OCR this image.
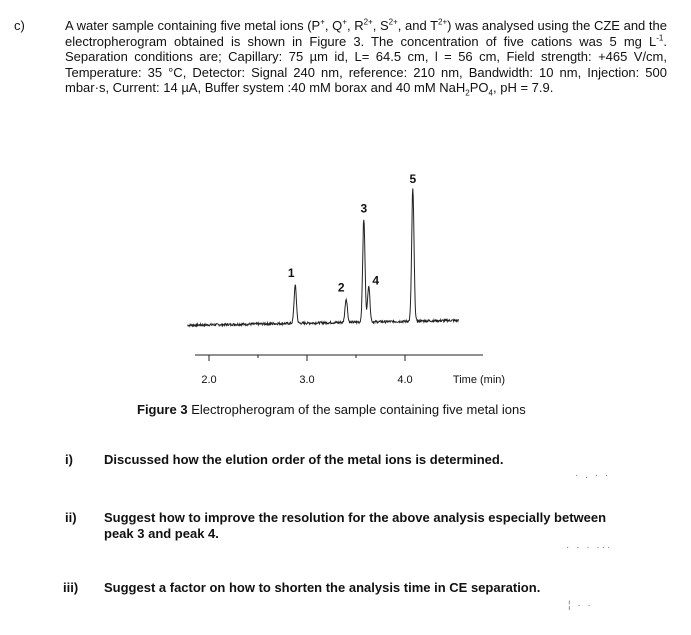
c)	A water sample containing five metal ions (P+, Q+, $R^{2+}$, $S^{2+}$, and $T^{2+}$) was analysed using the CZE and the electropherogram obtained is shown in Figure 3. The concentration of five cations was 5 mg $L^{-1}$. Separation conditions are; Capillary: 75 µm id, L= 64.5 cm, l = 56 cm, Field strength: +465 V/cm, Temperature: 35 °C, Detector: Signal 240 nm, reference: 210 nm, Bandwidth: 10 nm, Injection: 500 mbar·s, Current: 14 µA, Buffer system :40 mM borax and 40 mM $NaH_2PO_4$, pH = 7.9.
2.0	3.0	4.0	Time (min)
1
2
3
4
5
Figure 3 Electropherogram of the sample containing five metal ions
i) Discussed how the elution order of the metal ions is determined.
· . · ·
ii) Suggest how to improve the resolution for the above analysis especially between peak 3 and peak 4.
· · · ···
iii) Suggest a factor on how to shorten the analysis time in CE separation.
¦ · ·
